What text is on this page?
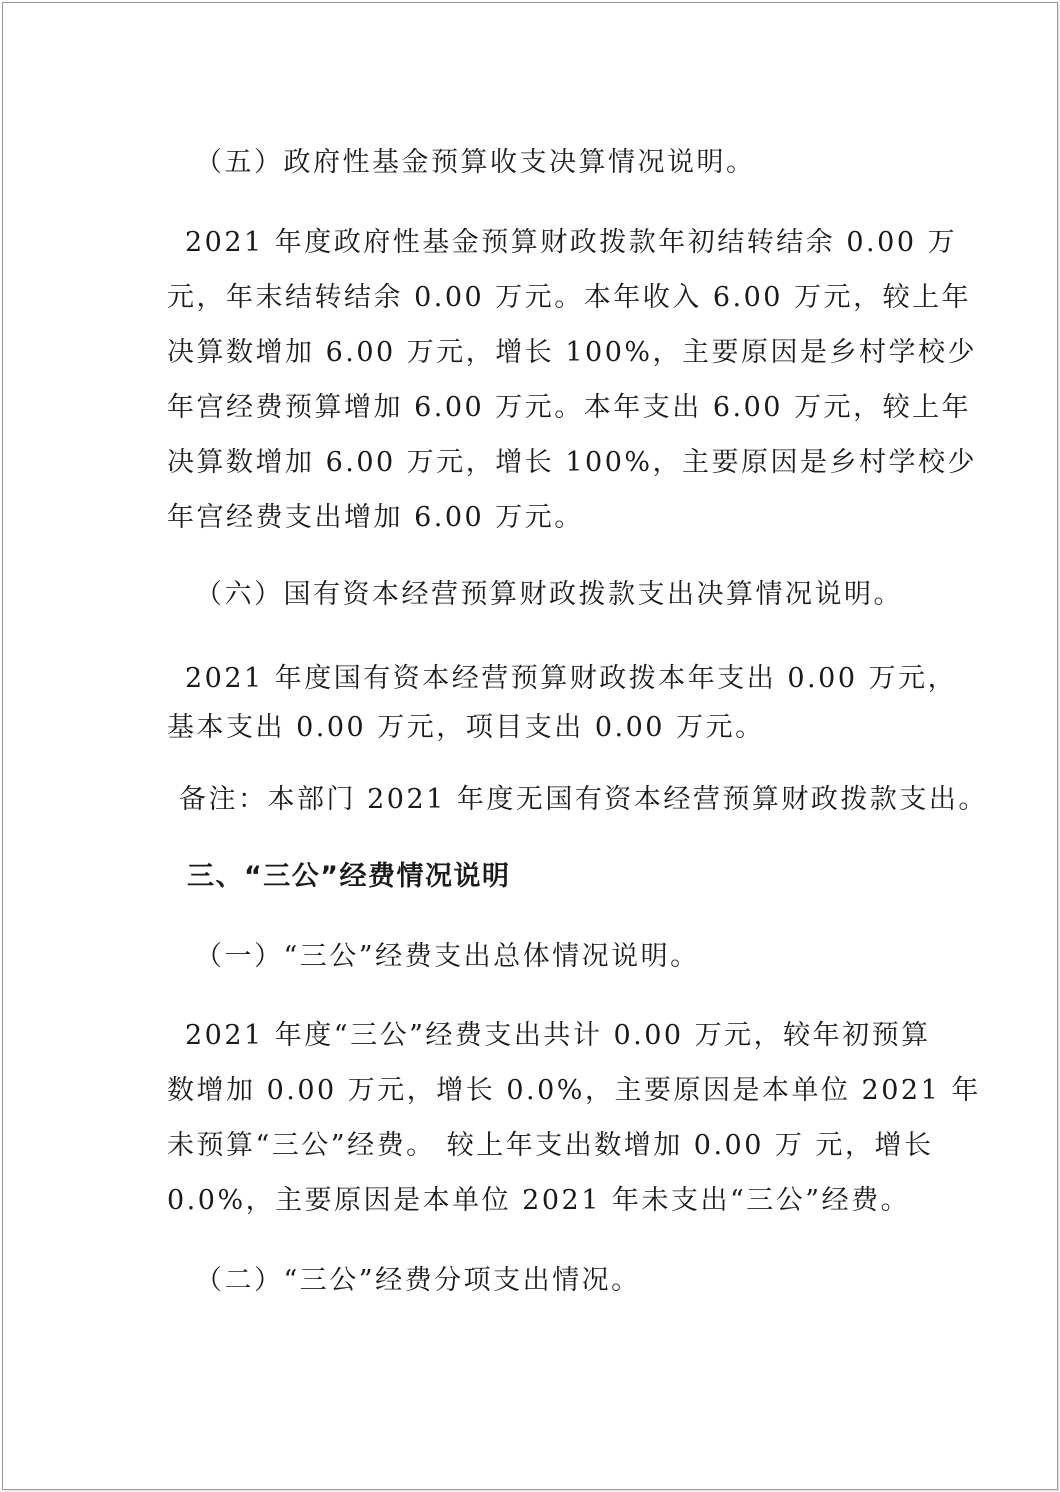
（五）政府性基金预算收支决算情况说明。
2021 年度政府性基金预算财政拨款年初结转结余 0.00 万
元，年末结转结余 0.00 万元。本年收入 6.00 万元，较上年
决算数增加 6.00 万元，增长 100%，主要原因是乡村学校少
年宫经费预算增加 6.00 万元。本年支出 6.00 万元，较上年
决算数增加 6.00 万元，增长 100%，主要原因是乡村学校少
年宫经费支出增加 6.00 万元。
（六）国有资本经营预算财政拨款支出决算情况说明。
2021 年度国有资本经营预算财政拨本年支出 0.00 万元，
基本支出 0.00 万元，项目支出 0.00 万元。
备注：本部门 2021 年度无国有资本经营预算财政拨款支出。
三、“三公”经费情况说明
（一）“三公”经费支出总体情况说明。
2021 年度“三公”经费支出共计 0.00 万元，较年初预算
数增加 0.00 万元，增长 0.0%，主要原因是本单位 2021 年
未预算“三公”经费。 较上年支出数增加 0.00 万 元，增长
0.0%，主要原因是本单位 2021 年未支出“三公”经费。
（二）“三公”经费分项支出情况。
